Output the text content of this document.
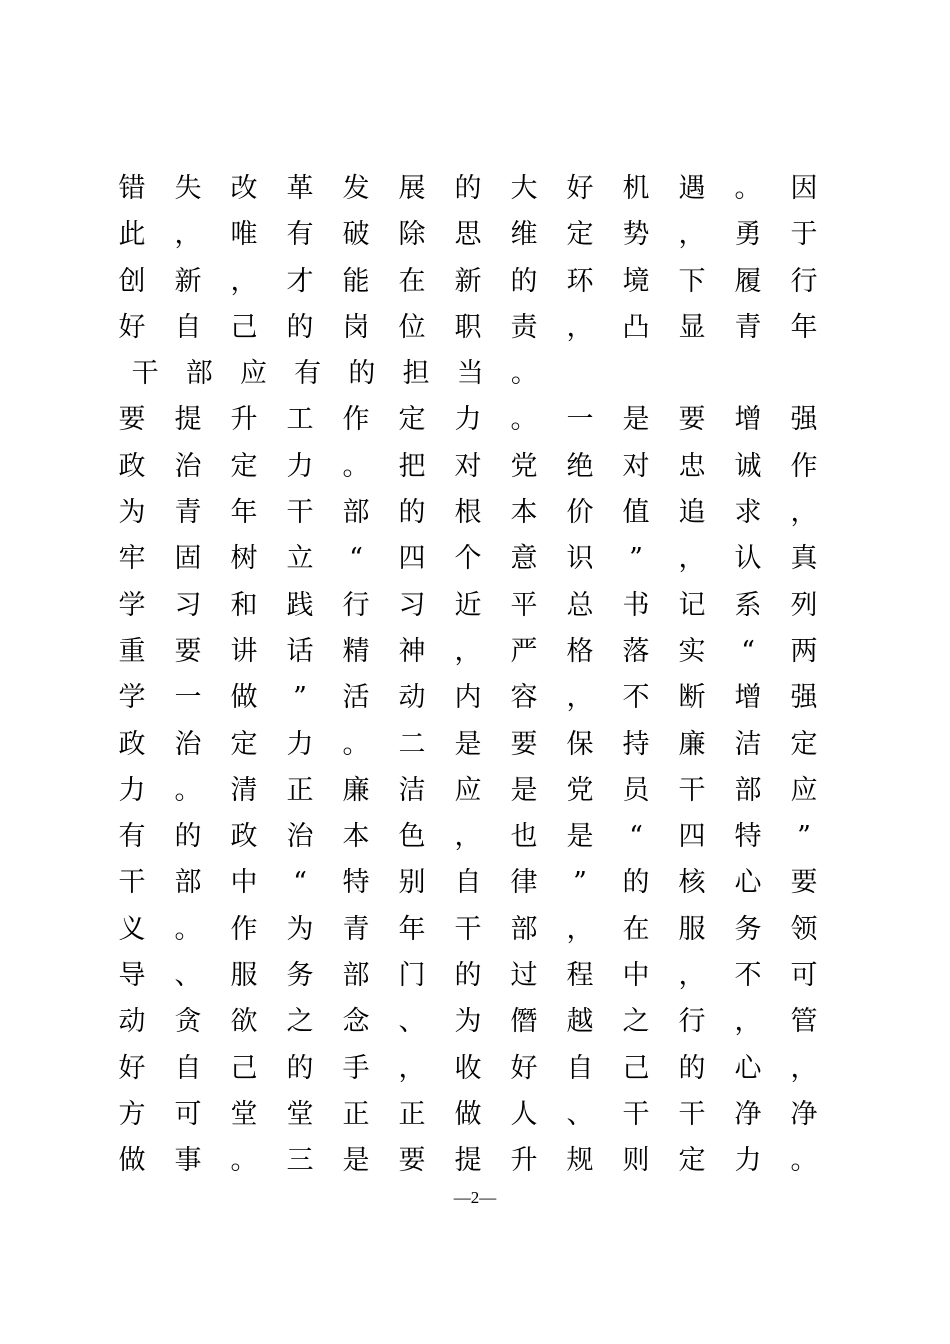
错 失 改 革 发 展 的 大 好 机 遇 。 因
此 ， 唯 有 破 除 思 维 定 势 ， 勇 于
创 新 ， 才 能 在 新 的 环 境 下 履 行
好 自 己 的 岗 位 职 责 ， 凸 显 青 年
干	部	应	有	的	担	当	。
要 提 升 工 作 定 力 。 一 是 要 增 强
政 治 定 力 。 把 对 党 绝 对 忠 诚 作
为 青 年 干 部 的 根 本 价 值 追 求 ，
牢 固 树 立 “ 四 个 意 识 ” ， 认 真
学 习 和 践 行 习 近 平 总 书 记 系 列
重 要 讲 话 精 神 ， 严 格 落 实 “ 两
学 一 做 ” 活 动 内 容 ， 不 断 增 强
政 治 定 力 。 二 是 要 保 持 廉 洁 定
力 。 清 正 廉 洁 应 是 党 员 干 部 应
有 的 政 治 本 色 ， 也 是 “ 四 特 ”
干 部 中 “ 特 别 自 律 ” 的 核 心 要
义 。 作 为 青 年 干 部 ， 在 服 务 领
导 、 服 务 部 门 的 过 程 中 ， 不 可
动 贪 欲 之 念 、 为 僭 越 之 行 ， 管
好 自 己 的 手 ， 收 好 自 己 的 心 ，
方 可 堂 堂 正 正 做 人 、 干 干 净 净
做 事 。 三 是 要 提 升 规 则 定 力 。
—2—
